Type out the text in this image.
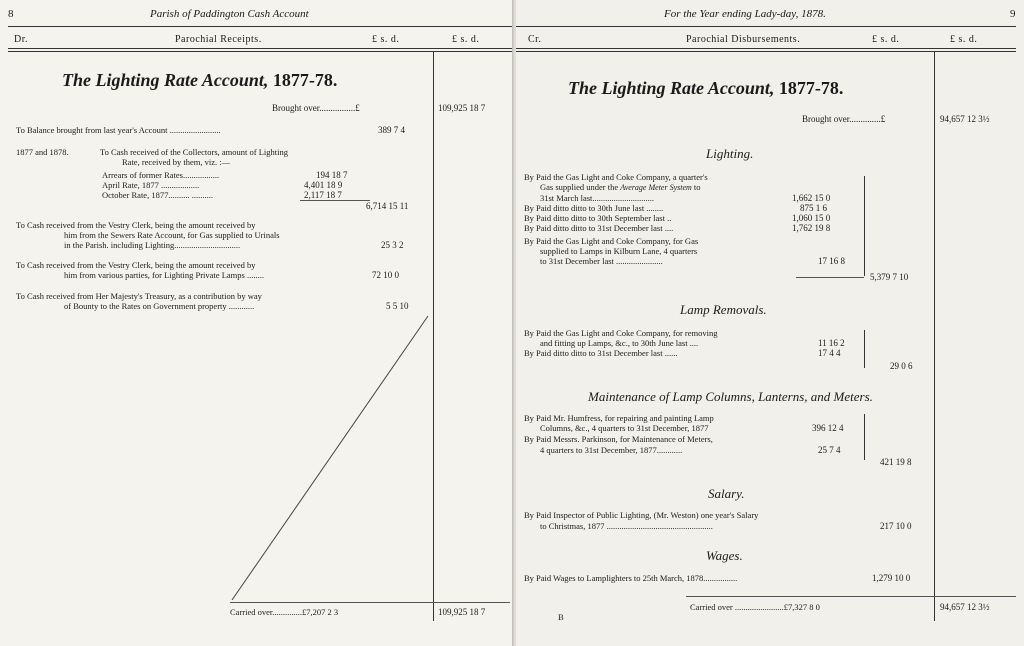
8	Parish of Paddington Cash Account
Dr.	Parochial Receipts.	£ s. d.	£ s. d.
The Lighting Rate Account, 1877-78.
Brought over................£	109,925 18 7
To Balance brought from last year's Account ........................	389 7 4
1877 and 1878.	To Cash received of the Collectors, amount of Lighting
Rate, received by them, viz. :—
Arrears of former Rates.................	194 18 7
April Rate, 1877 ..................	4,401 18 9
October Rate, 1877.......... ..........	2,117 18 7
6,714 15 11
To Cash received from the Vestry Clerk, being the amount received by
him from the Sewers Rate Account, for Gas supplied to Urinals
in the Parish. including Lighting...............................	25 3 2
To Cash received from the Vestry Clerk, being the amount received by
him from various parties, for Lighting Private Lamps ........	72 10 0
To Cash received from Her Majesty's Treasury, as a contribution by way
of Bounty to the Rates on Government property ............	5 5 10
Carried over..............£7,207 2 3	109,925 18 7
For the Year ending Lady-day, 1878.	9
Cr.	Parochial Disbursements.	£ s. d.	£ s. d.
The Lighting Rate Account, 1877-78.
Brought over..............£	94,657 12 3½
Lighting.
By Paid the Gas Light and Coke Company, a quarter's
Gas supplied under the Average Meter System to
31st March last.............................	1,662 15 0
By Paid ditto ditto to 30th June last ........	875 1 6
By Paid ditto ditto to 30th September last ..	1,060 15 0
By Paid ditto ditto to 31st December last ....	1,762 19 8
By Paid the Gas Light and Coke Company, for Gas
supplied to Lamps in Kilburn Lane, 4 quarters
to 31st December last ......................	17 16 8
5,379 7 10
Lamp Removals.
By Paid the Gas Light and Coke Company, for removing
and fitting up Lamps, &c., to 30th June last ....	11 16 2
By Paid ditto ditto to 31st December last ......	17 4 4
29 0 6
Maintenance of Lamp Columns, Lanterns, and Meters.
By Paid Mr. Humfress, for repairing and painting Lamp
Columns, &c., 4 quarters to 31st December, 1877	396 12 4
By Paid Messrs. Parkinson, for Maintenance of Meters,
4 quarters to 31st December, 1877............	25 7 4
421 19 8
Salary.
By Paid Inspector of Public Lighting, (Mr. Weston) one year's Salary
to Christmas, 1877 ..................................................	217 10 0
Wages.
By Paid Wages to Lamplighters to 25th March, 1878................	1,279 10 0
Carried over .......................£7,327 8 0	94,657 12 3½
B
